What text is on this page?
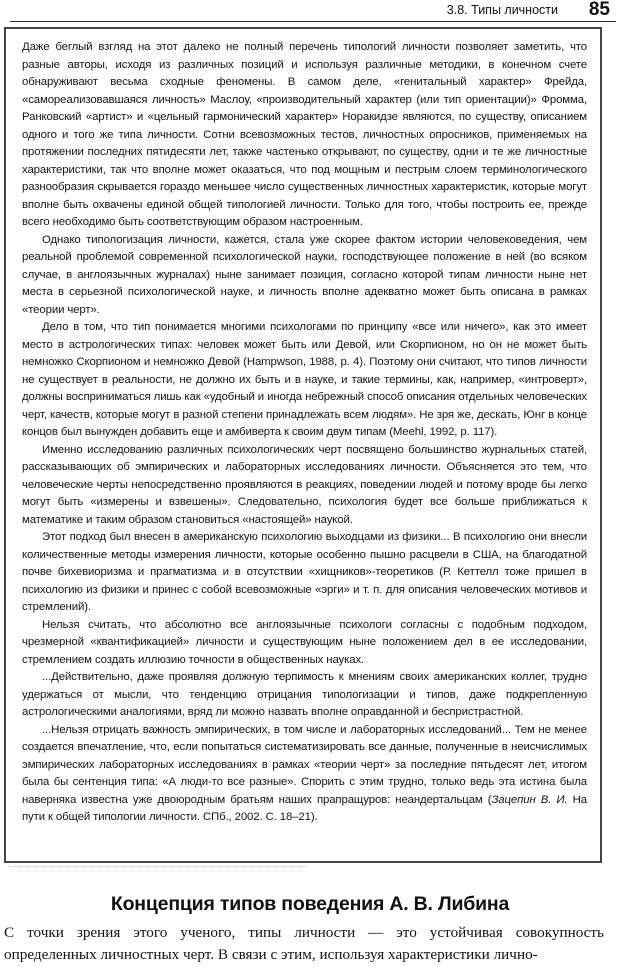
3.8. Типы личности 85

Даже беглый взгляд на этот далеко не полный перечень типологий личности позволяет заметить, что разные авторы, исходя из различных позиций и используя различные методики, в конечном счете обнаруживают весьма сходные феномены. В самом деле, «генитальный характер» Фрейда, «самореализовавшаяся личность» Маслоу, «производительный характер (или тип ориентации)» Фромма, Ранковский «артист» и «цельный гармонический характер» Норакидзе являются, по существу, описанием одного и того же типа личности. Сотни всевозможных тестов, личностных опросников, применяемых на протяжении последних пятидесяти лет, также частенько открывают, по существу, одни и те же личностные характеристики, так что вполне может оказаться, что под мощным и пестрым слоем терминологического разнообразия скрывается гораздо меньшее число существенных личностных характеристик, которые могут вполне быть охвачены единой общей типологией личности. Только для того, чтобы построить ее, прежде всего необходимо быть соответствующим образом настроенным.

Однако типологизация личности, кажется, стала уже скорее фактом истории человековедения, чем реальной проблемой современной психологической науки, господствующее положение в ней (во всяком случае, в англоязычных журналах) ныне занимает позиция, согласно которой типам личности ныне нет места в серьезной психологической науке, и личность вполне адекватно может быть описана в рамках «теории черт».

Дело в том, что тип понимается многими психологами по принципу «все или ничего», как это имеет место в астрологических типах: человек может быть или Девой, или Скорпионом, но он не может быть немножко Скорпионом и немножко Девой (Hampwson, 1988, р. 4). Поэтому они считают, что типов личности не существует в реальности, не должно их быть и в науке, и такие термины, как, например, «интроверт», должны восприниматься лишь как «удобный и иногда небрежный способ описания отдельных человеческих черт, качеств, которые могут в разной степени принадлежать всем людям». Не зря же, дескать, Юнг в конце концов был вынужден добавить еще и амбиверта к своим двум типам (Meehl, 1992, р. 117).

Именно исследованию различных психологических черт посвящено большинство журнальных статей, рассказывающих об эмпирических и лабораторных исследованиях личности. Объясняется это тем, что человеческие черты непосредственно проявляются в реакциях, поведении людей и потому вроде бы легко могут быть «измерены и взвешены». Следовательно, психология будет все больше приближаться к математике и таким образом становиться «настоящей» наукой.

Этот подход был внесен в американскую психологию выходцами из физики... В психологию они внесли количественные методы измерения личности, которые особенно пышно расцвели в США, на благодатной почве бихевиоризма и прагматизма и в отсутствии «хищников»-теоретиков (Р. Кеттелл тоже пришел в психологию из физики и принес с собой всевозможные «эрги» и т. п. для описания человеческих мотивов и стремлений).

Нельзя считать, что абсолютно все англоязычные психологи согласны с подобным подходом, чрезмерной «квантификацией» личности и существующим ныне положением дел в ее исследовании, стремлением создать иллюзию точности в общественных науках.

...Действительно, даже проявляя должную терпимость к мнениям своих американских коллег, трудно удержаться от мысли, что тенденцию отрицания типологизации и типов, даже подкрепленную астрологическими аналогиями, вряд ли можно назвать вполне оправданной и беспристрастной.

...Нельзя отрицать важность эмпирических, в том числе и лабораторных исследований... Тем не менее создается впечатление, что, если попытаться систематизировать все данные, полученные в неисчислимых эмпирических лабораторных исследованиях в рамках «теории черт» за последние пятьдесят лет, итогом была бы сентенция типа: «А люди-то все разные». Спорить с этим трудно, только ведь эта истина была наверняка известна уже двоюродным братьям наших прапращуров: неандертальцам (Зацепин В. И. На пути к общей типологии личности. СПб., 2002. С. 18–21).

Концепция типов поведения А. В. Либина

С точки зрения этого ученого, типы личности — это устойчивая совокупность определенных личностных черт. В связи с этим, используя характеристики лично-
